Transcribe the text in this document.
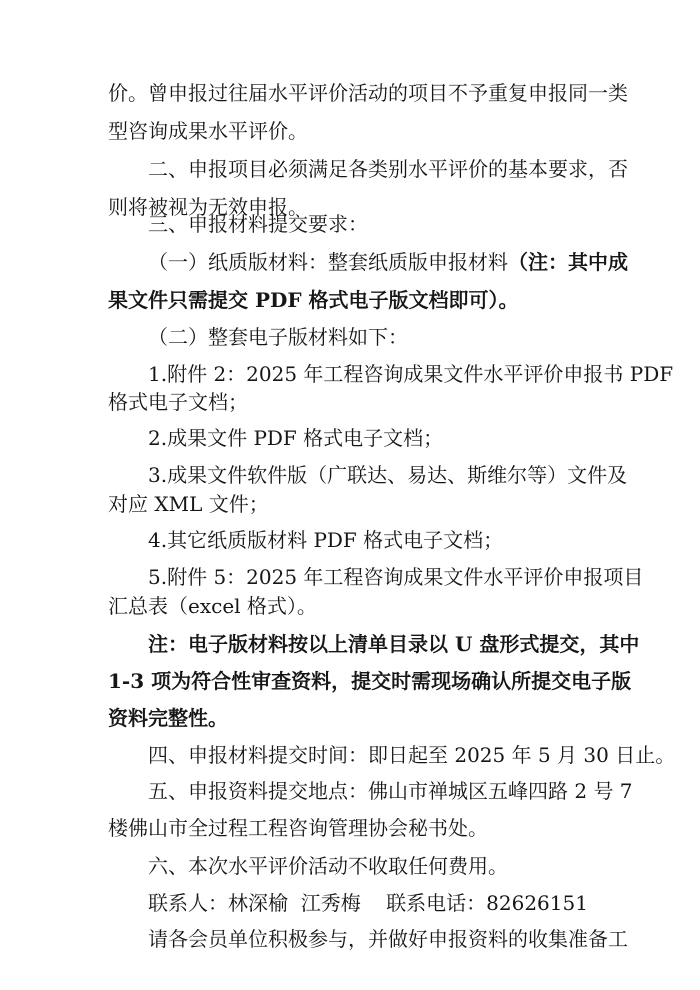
价。曾申报过往届水平评价活动的项目不予重复申报同一类
型咨询成果水平评价。
二、申报项目必须满足各类别水平评价的基本要求，否
则将被视为无效申报。
三、申报材料提交要求：
（一）纸质版材料：整套纸质版申报材料（注：其中成
果文件只需提交 PDF 格式电子版文档即可）。
（二）整套电子版材料如下：
1.附件 2：2025 年工程咨询成果文件水平评价申报书 PDF
格式电子文档；
2.成果文件 PDF 格式电子文档；
3.成果文件软件版（广联达、易达、斯维尔等）文件及
对应 XML 文件；
4.其它纸质版材料 PDF 格式电子文档；
5.附件 5：2025 年工程咨询成果文件水平评价申报项目
汇总表（excel 格式）。
注：电子版材料按以上清单目录以 U 盘形式提交，其中
1-3 项为符合性审查资料，提交时需现场确认所提交电子版
资料完整性。
四、申报材料提交时间：即日起至 2025 年 5 月 30 日止。
五、申报资料提交地点：佛山市禅城区五峰四路 2 号 7
楼佛山市全过程工程咨询管理协会秘书处。
六、本次水平评价活动不收取任何费用。
联系人：林深榆  江秀梅    联系电话：82626151
请各会员单位积极参与，并做好申报资料的收集准备工
